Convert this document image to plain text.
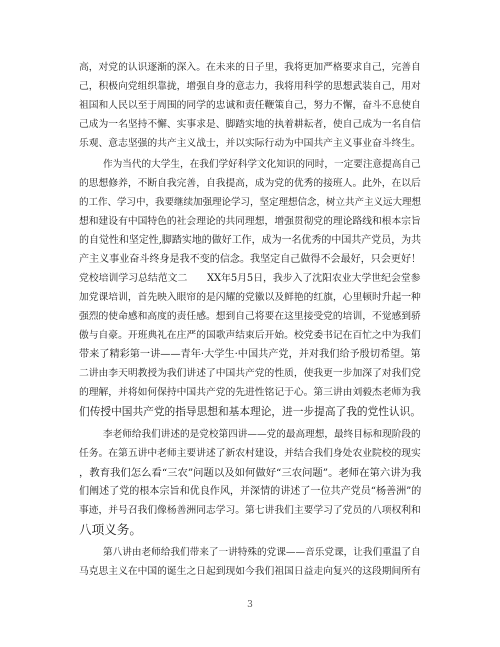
高，对党的认识逐渐的深入。在未来的日子里，我将更加严格要求自己，完善自
己，积极向党组织靠拢，增强自身的意志力，我将用科学的思想武装自己，用对
祖国和人民以至于周围的同学的忠诚和责任鞭策自己，努力不懈，奋斗不息使自
己成为一名坚持不懈、实事求是、脚踏实地的执着耕耘者，使自己成为一名自信
乐观、意志坚强的共产主义战士，并以实际行动为中国共产主义事业奋斗终生。
作为当代的大学生，在我们学好科学文化知识的同时，一定要注意提高自己
的思想修养，不断自我完善，自我提高，成为党的优秀的接班人。此外，在以后
的工作、学习中，我要继续加强理论学习，坚定理想信念，树立共产主义远大理想
想和建设有中国特色的社会理论的共同理想，增强贯彻党的理论路线和根本宗旨
的自觉性和坚定性,脚踏实地的做好工作，成为一名优秀的中国共产党员，为共
产主义事业奋斗终身是我不变的信念。我坚定自己做得不会最好，只会更好！
党校培训学习总结范文二　　XX年5月5日，我步入了沈阳农业大学世纪会堂参
加党课培训，首先映入眼帘的是闪耀的党徽以及鲜艳的红旗，心里顿时升起一种
强烈的使命感和高度的责任感。想到自己将要在这里接受党的培训，不觉感到骄
傲与自豪。开班典礼在庄严的国歌声结束后开始。校党委书记在百忙之中为我们
带来了精彩第一讲——青年·大学生·中国共产党，并对我们给予殷切希望。第
二讲由李天明教授为我们讲述了中国共产党的性质，使我更一步加深了对我们党
的理解，并将如何保持中国共产党的先进性铭记于心。第三讲由刘毅杰老师为我
们传授中国共产党的指导思想和基本理论，进一步提高了我的党性认识。
李老师给我们讲述的是党校第四讲——党的最高理想，最终目标和现阶段的
任务。在第五讲中老师主要讲述了新农村建设，并结合我们身处农业院校的现实
，教育我们怎么看“三农”问题以及如何做好“三农问题”。老师在第六讲为我
们阐述了党的根本宗旨和优良作风，并深情的讲述了一位共产党员“杨善洲”的
事迹，并号召我们像杨善洲同志学习。第七讲我们主要学习了党员的八项权利和
八项义务。
第八讲由老师给我们带来了一讲特殊的党课——音乐党课，让我们重温了自
马克思主义在中国的诞生之日起到现如今我们祖国日益走向复兴的这段期间所有
3
